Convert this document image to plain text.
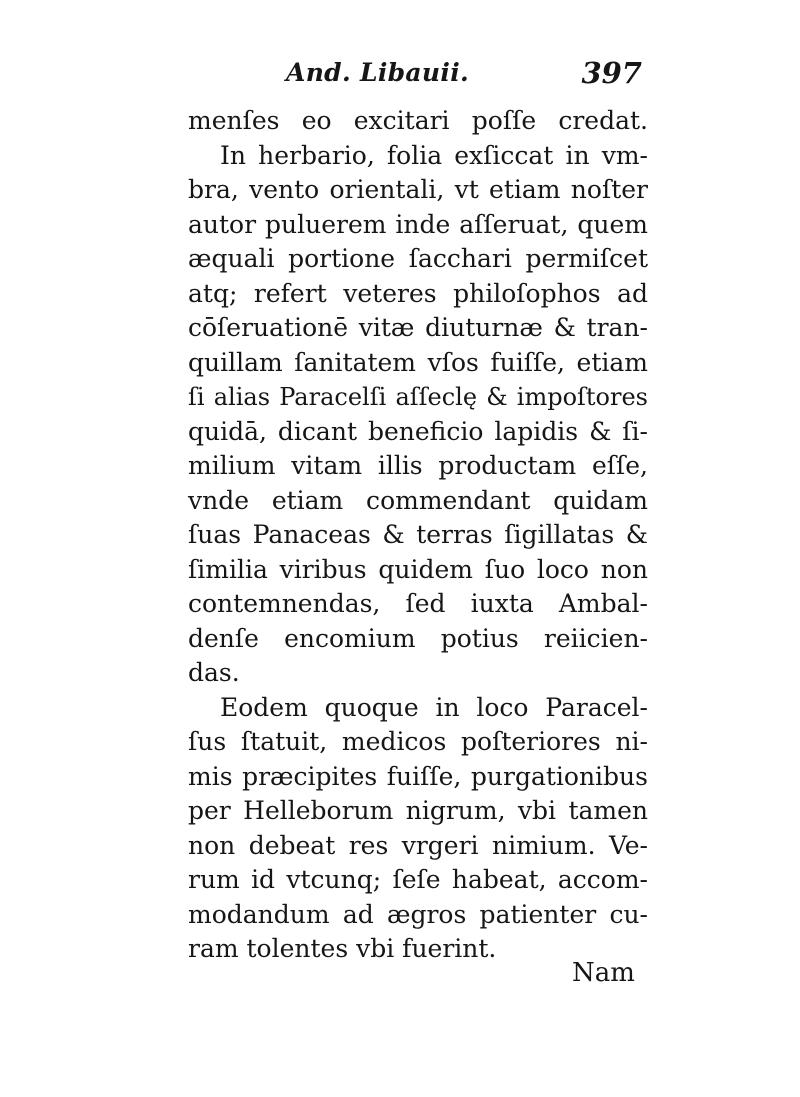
And. Libauii.	397
menſes eo excitari poſſe credat.
In herbario, folia exſiccat in vm-
bra, vento orientali, vt etiam noſter
autor puluerem inde aſſeruat, quem
æquali portione ſacchari permiſcet
atq; refert veteres philoſophos ad
cōſeruationē vitæ diuturnæ & tran-
quillam ſanitatem vſos fuiſſe, etiam
ſi alias Paracelſi aſſeclę & impoſtores
quidā, dicant beneficio lapidis & ſi-
milium vitam illis productam eſſe,
vnde etiam commendant quidam
ſuas Panaceas & terras ſigillatas &
ſimilia viribus quidem ſuo loco non
contemnendas, ſed iuxta Ambal-
denſe encomium potius reiicien-
das.
Eodem quoque in loco Paracel-
ſus ſtatuit, medicos poſteriores ni-
mis præcipites fuiſſe, purgationibus
per Helleborum nigrum, vbi tamen
non debeat res vrgeri nimium. Ve-
rum id vtcunq; ſeſe habeat, accom-
modandum ad ægros patienter cu-
ram tolentes vbi fuerint.
Nam
